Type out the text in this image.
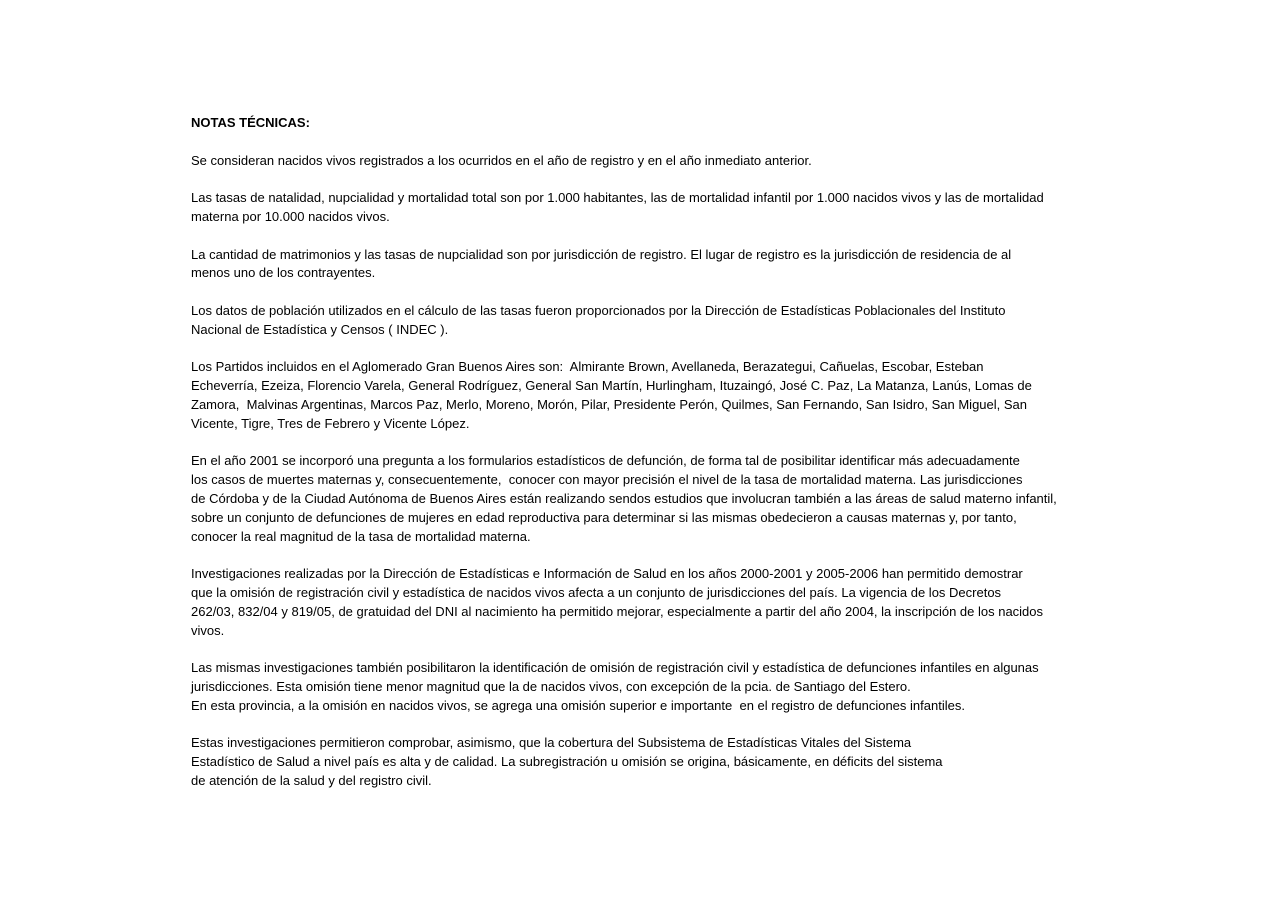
NOTAS TÉCNICAS:

Se consideran nacidos vivos registrados a los ocurridos en el año de registro y en el año inmediato anterior.

Las tasas de natalidad, nupcialidad y mortalidad total son por 1.000 habitantes, las de mortalidad infantil por 1.000 nacidos vivos y las de mortalidad
materna por 10.000 nacidos vivos.

La cantidad de matrimonios y las tasas de nupcialidad son por jurisdicción de registro. El lugar de registro es la jurisdicción de residencia de al
menos uno de los contrayentes.

Los datos de población utilizados en el cálculo de las tasas fueron proporcionados por la Dirección de Estadísticas Poblacionales del Instituto
Nacional de Estadística y Censos ( INDEC ).

Los Partidos incluidos en el Aglomerado Gran Buenos Aires son:  Almirante Brown, Avellaneda, Berazategui, Cañuelas, Escobar, Esteban
Echeverría, Ezeiza, Florencio Varela, General Rodríguez, General San Martín, Hurlingham, Ituzaingó, José C. Paz, La Matanza, Lanús, Lomas de
Zamora,  Malvinas Argentinas, Marcos Paz, Merlo, Moreno, Morón, Pilar, Presidente Perón, Quilmes, San Fernando, San Isidro, San Miguel, San
Vicente, Tigre, Tres de Febrero y Vicente López.

En el año 2001 se incorporó una pregunta a los formularios estadísticos de defunción, de forma tal de posibilitar identificar más adecuadamente
los casos de muertes maternas y, consecuentemente,  conocer con mayor precisión el nivel de la tasa de mortalidad materna. Las jurisdicciones
de Córdoba y de la Ciudad Autónoma de Buenos Aires están realizando sendos estudios que involucran también a las áreas de salud materno infantil,
sobre un conjunto de defunciones de mujeres en edad reproductiva para determinar si las mismas obedecieron a causas maternas y, por tanto,
conocer la real magnitud de la tasa de mortalidad materna.

Investigaciones realizadas por la Dirección de Estadísticas e Información de Salud en los años 2000-2001 y 2005-2006 han permitido demostrar
que la omisión de registración civil y estadística de nacidos vivos afecta a un conjunto de jurisdicciones del país. La vigencia de los Decretos
262/03, 832/04 y 819/05, de gratuidad del DNI al nacimiento ha permitido mejorar, especialmente a partir del año 2004, la inscripción de los nacidos
vivos.

Las mismas investigaciones también posibilitaron la identificación de omisión de registración civil y estadística de defunciones infantiles en algunas
jurisdicciones. Esta omisión tiene menor magnitud que la de nacidos vivos, con excepción de la pcia. de Santiago del Estero.
En esta provincia, a la omisión en nacidos vivos, se agrega una omisión superior e importante  en el registro de defunciones infantiles.

Estas investigaciones permitieron comprobar, asimismo, que la cobertura del Subsistema de Estadísticas Vitales del Sistema
Estadístico de Salud a nivel país es alta y de calidad. La subregistración u omisión se origina, básicamente, en déficits del sistema
de atención de la salud y del registro civil.
